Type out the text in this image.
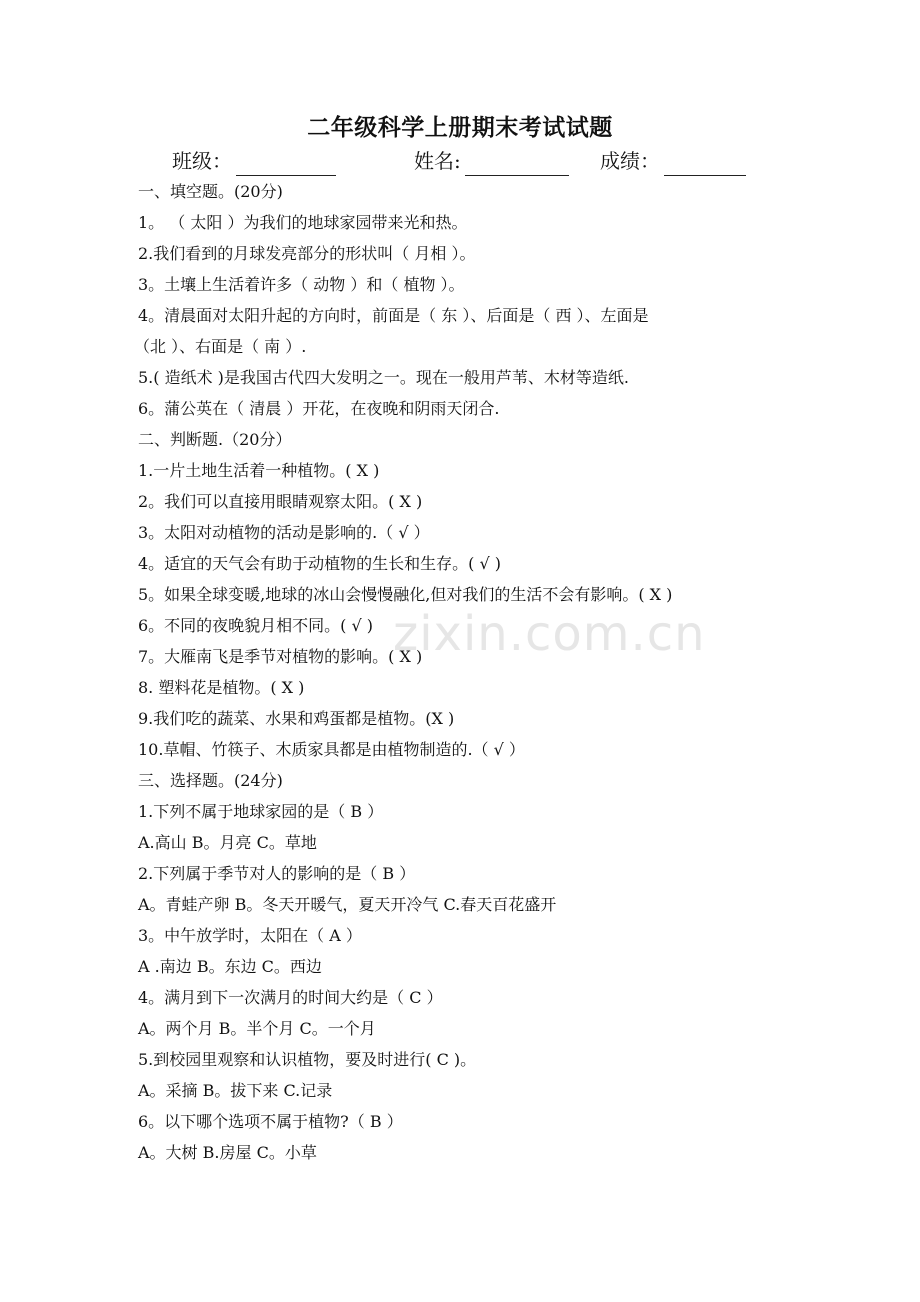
zixin.com.cn
二年级科学上册期末考试试题
班级：	姓名:	成绩：
一、填空题。(20分)
1。 （ 太阳 ）为我们的地球家园带来光和热。
2.我们看到的月球发亮部分的形状叫（ 月相 ）。
3。土壤上生活着许多（ 动物 ）和（ 植物 ）。
4。清晨面对太阳升起的方向时，前面是（ 东 ）、后面是（ 西 ）、左面是
（北 ）、右面是（ 南 ）.
5.( 造纸术 )是我国古代四大发明之一。现在一般用芦苇、木材等造纸.
6。蒲公英在（ 清晨 ）开花，在夜晚和阴雨天闭合.
二、判断题.（20分）
1.一片土地生活着一种植物。( X )
2。我们可以直接用眼睛观察太阳。( X )
3。太阳对动植物的活动是影响的.（ √ ）
4。适宜的天气会有助于动植物的生长和生存。( √ )
5。如果全球变暖,地球的冰山会慢慢融化,但对我们的生活不会有影响。( X )
6。不同的夜晚貌月相不同。( √ )
7。大雁南飞是季节对植物的影响。( X )
8. 塑料花是植物。( X )
9.我们吃的蔬菜、水果和鸡蛋都是植物。(X )
10.草帽、竹筷子、木质家具都是由植物制造的.（ √ ）
三、选择题。(24分)
1.下列不属于地球家园的是（ B ）
A.高山 B。月亮 C。草地
2.下列属于季节对人的影响的是（ B ）
A。青蛙产卵 B。冬天开暖气，夏天开冷气 C.春天百花盛开
3。中午放学时，太阳在（ A ）
A .南边 B。东边 C。西边
4。满月到下一次满月的时间大约是（ C ）
A。两个月 B。半个月 C。一个月
5.到校园里观察和认识植物，要及时进行( C )。
A。采摘 B。拔下来 C.记录
6。以下哪个选项不属于植物?（ B ）
A。大树 B.房屋 C。小草
